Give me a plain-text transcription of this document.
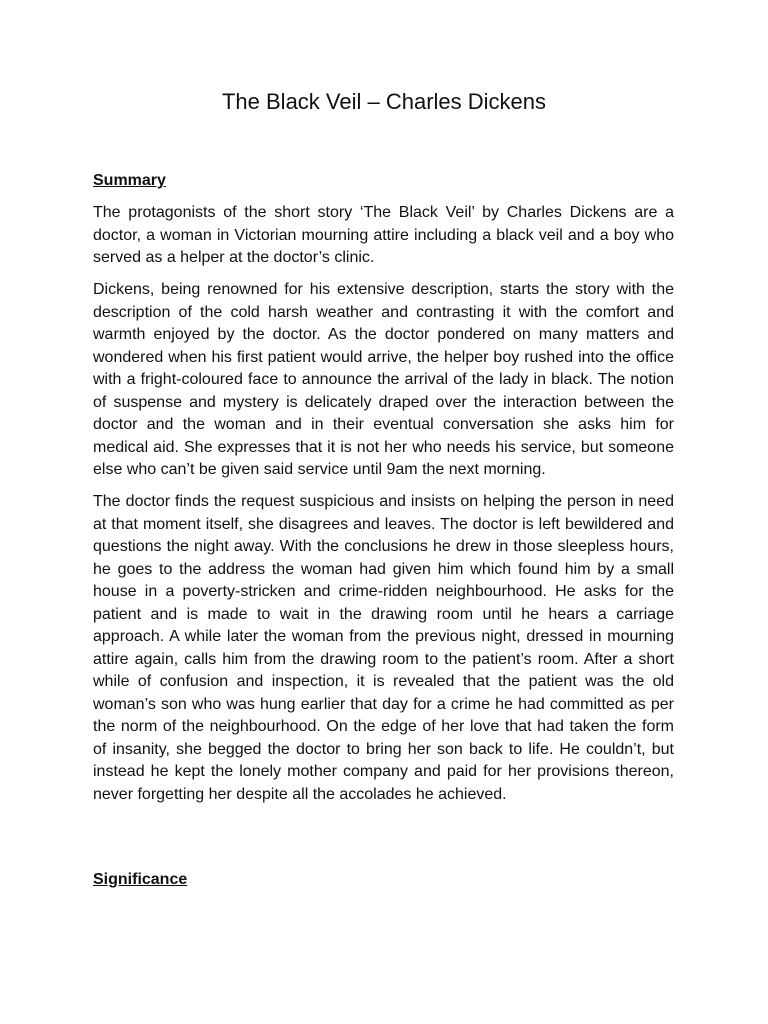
The Black Veil – Charles Dickens
Summary

The protagonists of the short story ‘The Black Veil’ by Charles Dickens are a doctor, a woman in Victorian mourning attire including a black veil and a boy who served as a helper at the doctor’s clinic.

Dickens, being renowned for his extensive description, starts the story with the description of the cold harsh weather and contrasting it with the comfort and warmth enjoyed by the doctor. As the doctor pondered on many matters and wondered when his first patient would arrive, the helper boy rushed into the office with a fright-coloured face to announce the arrival of the lady in black. The notion of suspense and mystery is delicately draped over the interaction between the doctor and the woman and in their eventual conversation she asks him for medical aid. She expresses that it is not her who needs his service, but someone else who can’t be given said service until 9am the next morning.

The doctor finds the request suspicious and insists on helping the person in need at that moment itself, she disagrees and leaves. The doctor is left bewildered and questions the night away. With the conclusions he drew in those sleepless hours, he goes to the address the woman had given him which found him by a small house in a poverty-stricken and crime-ridden neighbourhood. He asks for the patient and is made to wait in the drawing room until he hears a carriage approach. A while later the woman from the previous night, dressed in mourning attire again, calls him from the drawing room to the patient’s room. After a short while of confusion and inspection, it is revealed that the patient was the old woman’s son who was hung earlier that day for a crime he had committed as per the norm of the neighbourhood. On the edge of her love that had taken the form of insanity, she begged the doctor to bring her son back to life. He couldn’t, but instead he kept the lonely mother company and paid for her provisions thereon, never forgetting her despite all the accolades he achieved.

Significance
